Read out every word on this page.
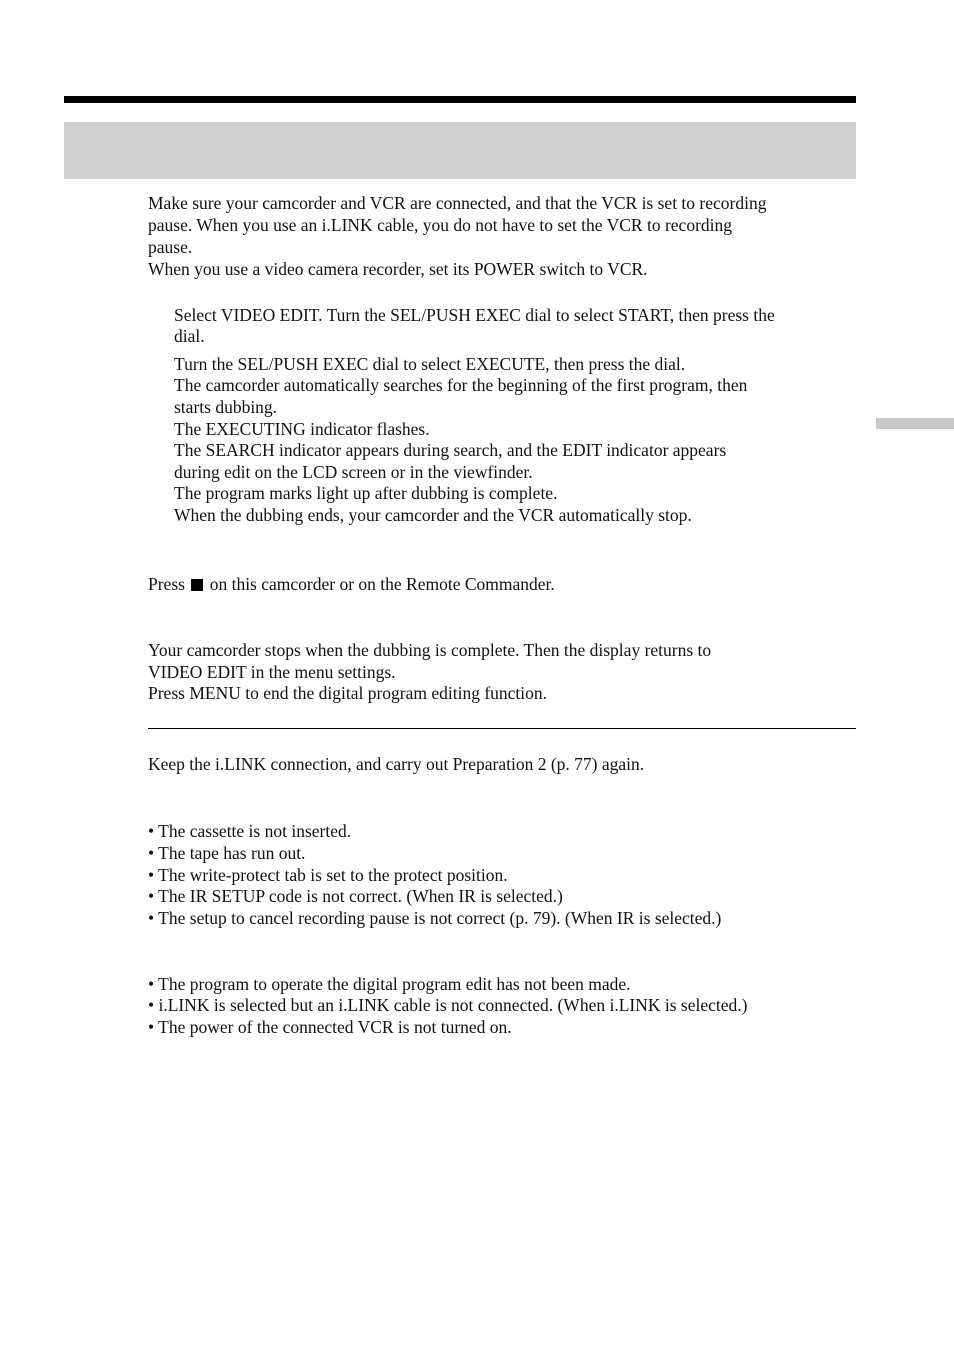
Make sure your camcorder and VCR are connected, and that the VCR is set to recording
pause. When you use an i.LINK cable, you do not have to set the VCR to recording
pause.
When you use a video camera recorder, set its POWER switch to VCR.
Select VIDEO EDIT. Turn the SEL/PUSH EXEC dial to select START, then press the
dial.
Turn the SEL/PUSH EXEC dial to select EXECUTE, then press the dial.
The camcorder automatically searches for the beginning of the first program, then
starts dubbing.
The EXECUTING indicator flashes.
The SEARCH indicator appears during search, and the EDIT indicator appears
during edit on the LCD screen or in the viewfinder.
The program marks light up after dubbing is complete.
When the dubbing ends, your camcorder and the VCR automatically stop.
Press on this camcorder or on the Remote Commander.
Your camcorder stops when the dubbing is complete. Then the display returns to
VIDEO EDIT in the menu settings.
Press MENU to end the digital program editing function.
Keep the i.LINK connection, and carry out Preparation 2 (p. 77) again.
• The cassette is not inserted.
• The tape has run out.
• The write-protect tab is set to the protect position.
• The IR SETUP code is not correct. (When IR is selected.)
• The setup to cancel recording pause is not correct (p. 79). (When IR is selected.)
• The program to operate the digital program edit has not been made.
• i.LINK is selected but an i.LINK cable is not connected. (When i.LINK is selected.)
• The power of the connected VCR is not turned on.
